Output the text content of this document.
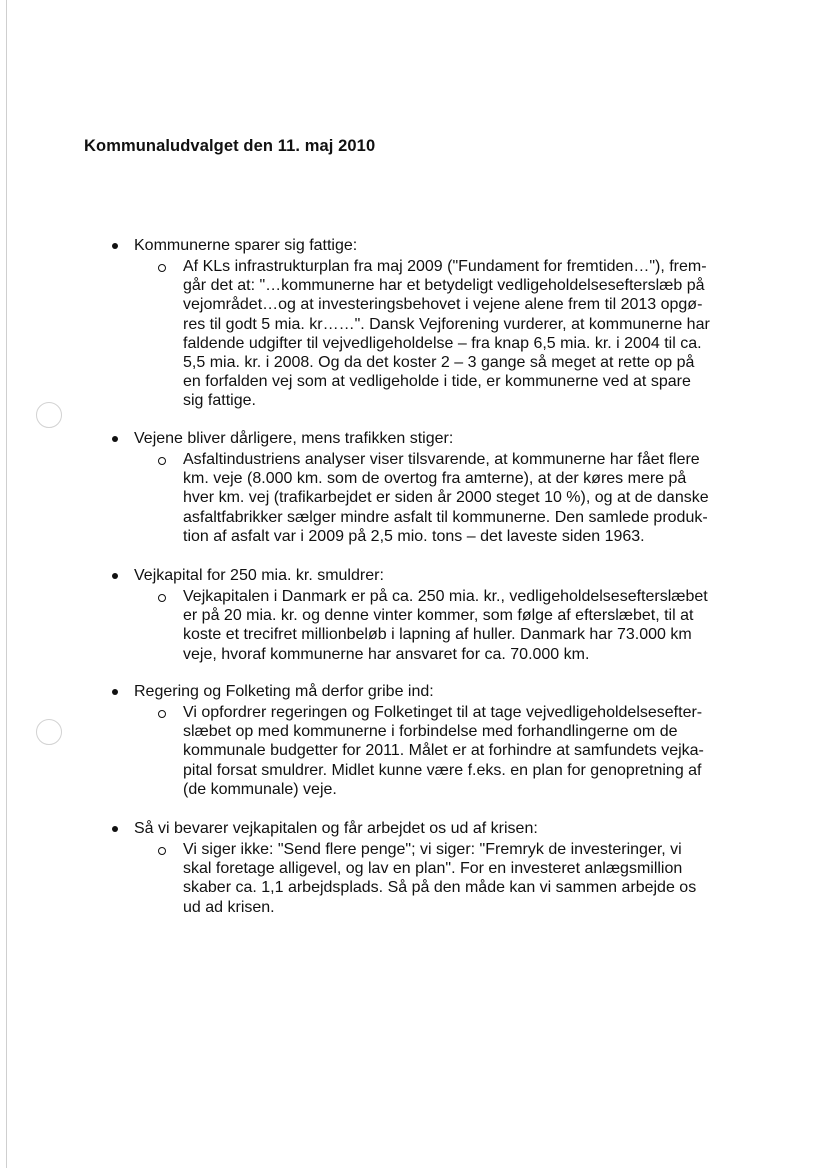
Kommunaludvalget den 11. maj 2010
Kommunerne sparer sig fattige:
Af KLs infrastrukturplan fra maj 2009 ("Fundament for fremtiden…"), frem-
går det at: "…kommunerne har et betydeligt vedligeholdelsesefterslæb på
vejområdet…og at investeringsbehovet i vejene alene frem til 2013 opgø-
res til godt 5 mia. kr……". Dansk Vejforening vurderer, at kommunerne har
faldende udgifter til vejvedligeholdelse – fra knap 6,5 mia. kr. i 2004 til ca.
5,5 mia. kr. i 2008. Og da det koster 2 – 3 gange så meget at rette op på
en forfalden vej som at vedligeholde i tide, er kommunerne ved at spare
sig fattige.
Vejene bliver dårligere, mens trafikken stiger:
Asfaltindustriens analyser viser tilsvarende, at kommunerne har fået flere
km. veje (8.000 km. som de overtog fra amterne), at der køres mere på
hver km. vej (trafikarbejdet er siden år 2000 steget 10 %), og at de danske
asfaltfabrikker sælger mindre asfalt til kommunerne. Den samlede produk-
tion af asfalt var i 2009 på 2,5 mio. tons – det laveste siden 1963.
Vejkapital for 250 mia. kr. smuldrer:
Vejkapitalen i Danmark er på ca. 250 mia. kr., vedligeholdelsesefterslæbet
er på 20 mia. kr. og denne vinter kommer, som følge af efterslæbet, til at
koste et trecifret millionbeløb i lapning af huller. Danmark har 73.000 km
veje, hvoraf kommunerne har ansvaret for ca. 70.000 km.
Regering og Folketing må derfor gribe ind:
Vi opfordrer regeringen og Folketinget til at tage vejvedligeholdelsesefter-
slæbet op med kommunerne i forbindelse med forhandlingerne om de
kommunale budgetter for 2011. Målet er at forhindre at samfundets vejka-
pital forsat smuldrer. Midlet kunne være f.eks. en plan for genopretning af
(de kommunale) veje.
Så vi bevarer vejkapitalen og får arbejdet os ud af krisen:
Vi siger ikke: "Send flere penge"; vi siger: "Fremryk de investeringer, vi
skal foretage alligevel, og lav en plan". For en investeret anlægsmillion
skaber ca. 1,1 arbejdsplads. Så på den måde kan vi sammen arbejde os
ud ad krisen.
